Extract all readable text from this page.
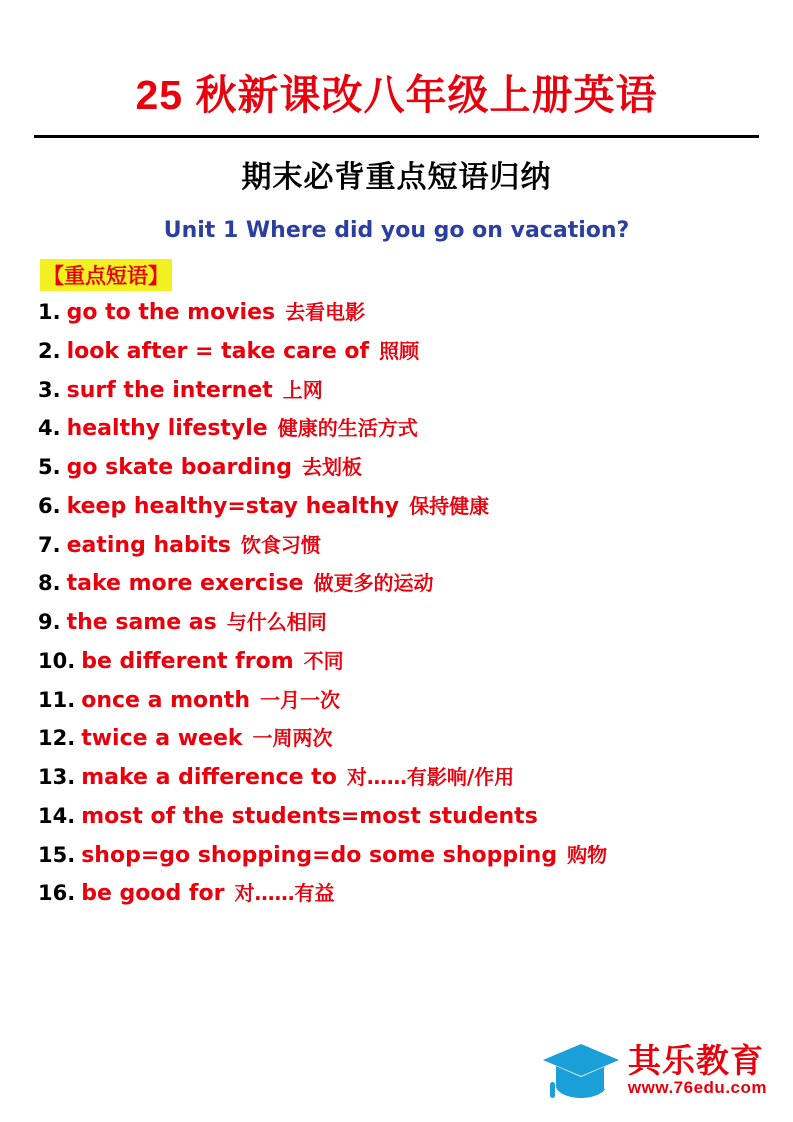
25 秋新课改八年级上册英语
期末必背重点短语归纳
Unit 1 Where did you go on vacation?
【重点短语】
1. go to the movies 去看电影
2. look after = take care of 照顾
3. surf the internet 上网
4. healthy lifestyle 健康的生活方式
5. go skate boarding 去划板
6. keep healthy=stay healthy 保持健康
7. eating habits 饮食习惯
8. take more exercise 做更多的运动
9. the same as 与什么相同
10. be different from 不同
11. once a month 一月一次
12. twice a week 一周两次
13. make a difference to 对……有影响/作用
14. most of the students=most students
15. shop=go shopping=do some shopping 购物
16. be good for 对……有益
其乐教育
www.76edu.com
